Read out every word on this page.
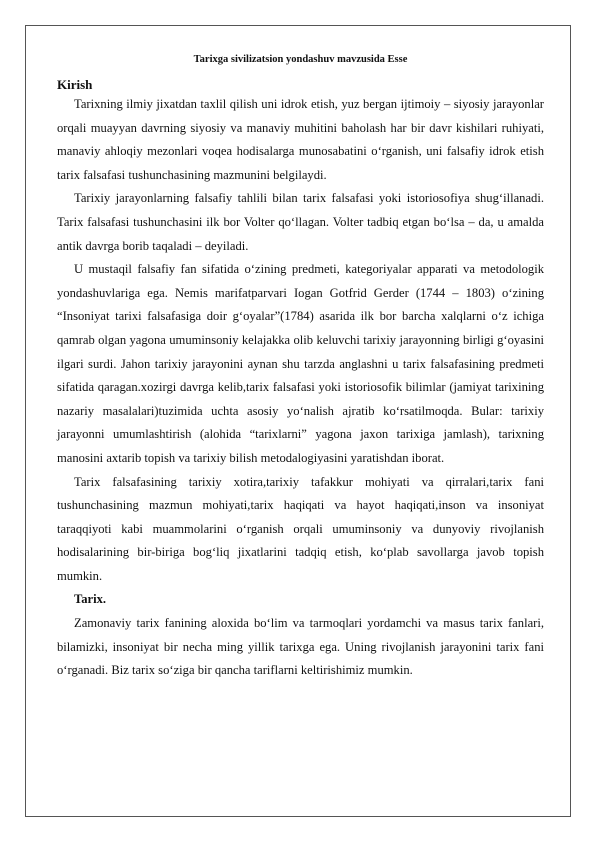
Tarixga sivilizatsion yondashuv mavzusida Esse
Kirish

Tarixning ilmiy jixatdan taxlil qilish uni idrok etish, yuz bergan ijtimoiy – siyosiy jarayonlar orqali muayyan davrning siyosiy va manaviy muhitini baholash har bir davr kishilari ruhiyati, manaviy ahloqiy mezonlari voqea hodisalarga munosabatini o‘rganish, uni falsafiy idrok etish tarix falsafasi tushunchasining mazmunini belgilaydi.

Tarixiy jarayonlarning falsafiy tahlili bilan tarix falsafasi yoki istoriosofiya shug‘illanadi. Tarix falsafasi tushunchasini ilk bor Volter qo‘llagan. Volter tadbiq etgan bo‘lsa – da, u amalda antik davrga borib taqaladi – deyiladi.

U mustaqil falsafiy fan sifatida o‘zining predmeti, kategoriyalar apparati va metodologik yondashuvlariga ega. Nemis marifatparvari Iogan Gotfrid Gerder (1744 – 1803) o‘zining “Insoniyat tarixi falsafasiga doir g‘oyalar”(1784) asarida ilk bor barcha xalqlarni o‘z ichiga qamrab olgan yagona umuminsoniy kelajakka olib keluvchi tarixiy jarayonning birligi g‘oyasini ilgari surdi. Jahon tarixiy jarayonini aynan shu tarzda anglashni u tarix falsafasining predmeti sifatida qaragan.xozirgi davrga kelib,tarix falsafasi yoki istoriosofik bilimlar (jamiyat tarixining nazariy masalalari)tuzimida uchta asosiy yo‘nalish ajratib ko‘rsatilmoqda. Bular: tarixiy jarayonni umumlashtirish (alohida “tarixlarni” yagona jaxon tarixiga jamlash), tarixning manosini axtarib topish va tarixiy bilish metodalogiyasini yaratishdan iborat.

Tarix falsafasining tarixiy xotira,tarixiy tafakkur mohiyati va qirralari,tarix fani tushunchasining mazmun mohiyati,tarix haqiqati va hayot haqiqati,inson va insoniyat taraqqiyoti kabi muammolarini o‘rganish orqali umuminsoniy va dunyoviy rivojlanish hodisalarining bir-biriga bog‘liq jixatlarini tadqiq etish, ko‘plab savollarga javob topish mumkin.

Tarix.

Zamonaviy tarix fanining aloxida bo‘lim va tarmoqlari yordamchi va masus tarix fanlari, bilamizki, insoniyat bir necha ming yillik tarixga ega. Uning rivojlanish jarayonini tarix fani o‘rganadi. Biz tarix so‘ziga bir qancha tariflarni keltirishimiz mumkin.
